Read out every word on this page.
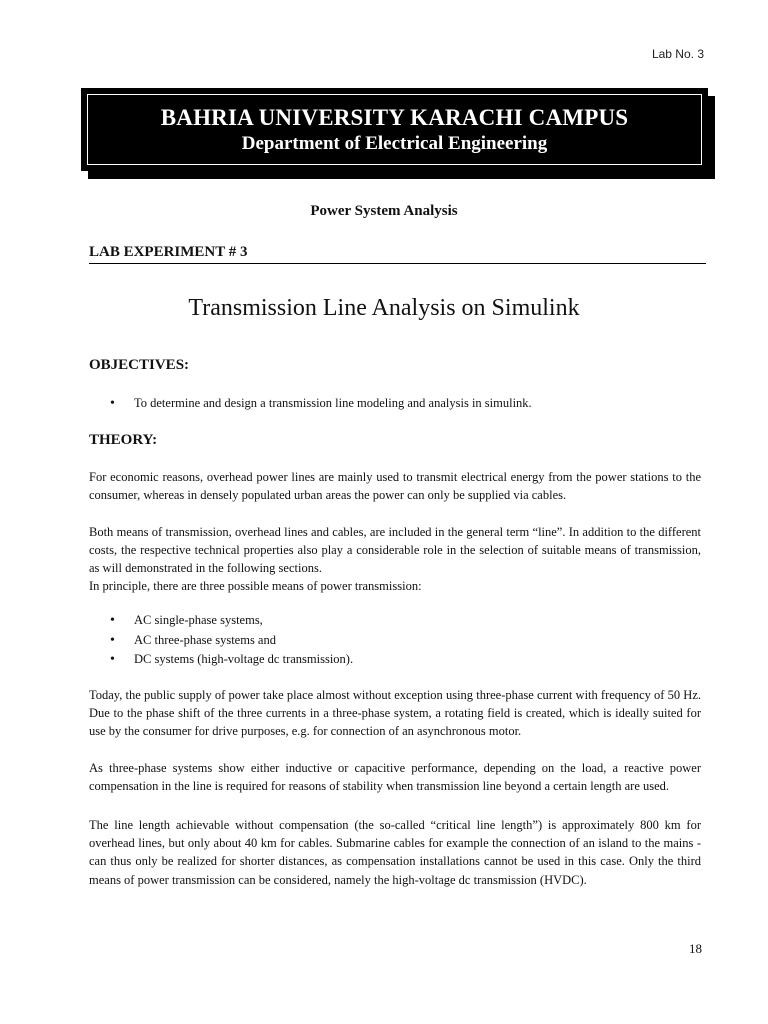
Lab No. 3
BAHRIA UNIVERSITY KARACHI CAMPUS
Department of Electrical Engineering
Power System Analysis
LAB EXPERIMENT # 3
Transmission Line Analysis on Simulink
OBJECTIVES:
• To determine and design a transmission line modeling and analysis in simulink.
THEORY:
For economic reasons, overhead power lines are mainly used to transmit electrical energy from the power stations to the consumer, whereas in densely populated urban areas the power can only be supplied via cables.
Both means of transmission, overhead lines and cables, are included in the general term “line”. In addition to the different costs, the respective technical properties also play a considerable role in the selection of suitable means of transmission, as will demonstrated in the following sections.
In principle, there are three possible means of power transmission:
• AC single-phase systems,
• AC three-phase systems and
• DC systems (high-voltage dc transmission).
Today, the public supply of power take place almost without exception using three-phase current with frequency of 50 Hz. Due to the phase shift of the three currents in a three-phase system, a rotating field is created, which is ideally suited for use by the consumer for drive purposes, e.g. for connection of an asynchronous motor.
As three-phase systems show either inductive or capacitive performance, depending on the load, a reactive power compensation in the line is required for reasons of stability when transmission line beyond a certain length are used.
The line length achievable without compensation (the so-called “critical line length”) is approximately 800 km for overhead lines, but only about 40 km for cables. Submarine cables for example the connection of an island to the mains - can thus only be realized for shorter distances, as compensation installations cannot be used in this case. Only the third means of power transmission can be considered, namely the high-voltage dc transmission (HVDC).
18
